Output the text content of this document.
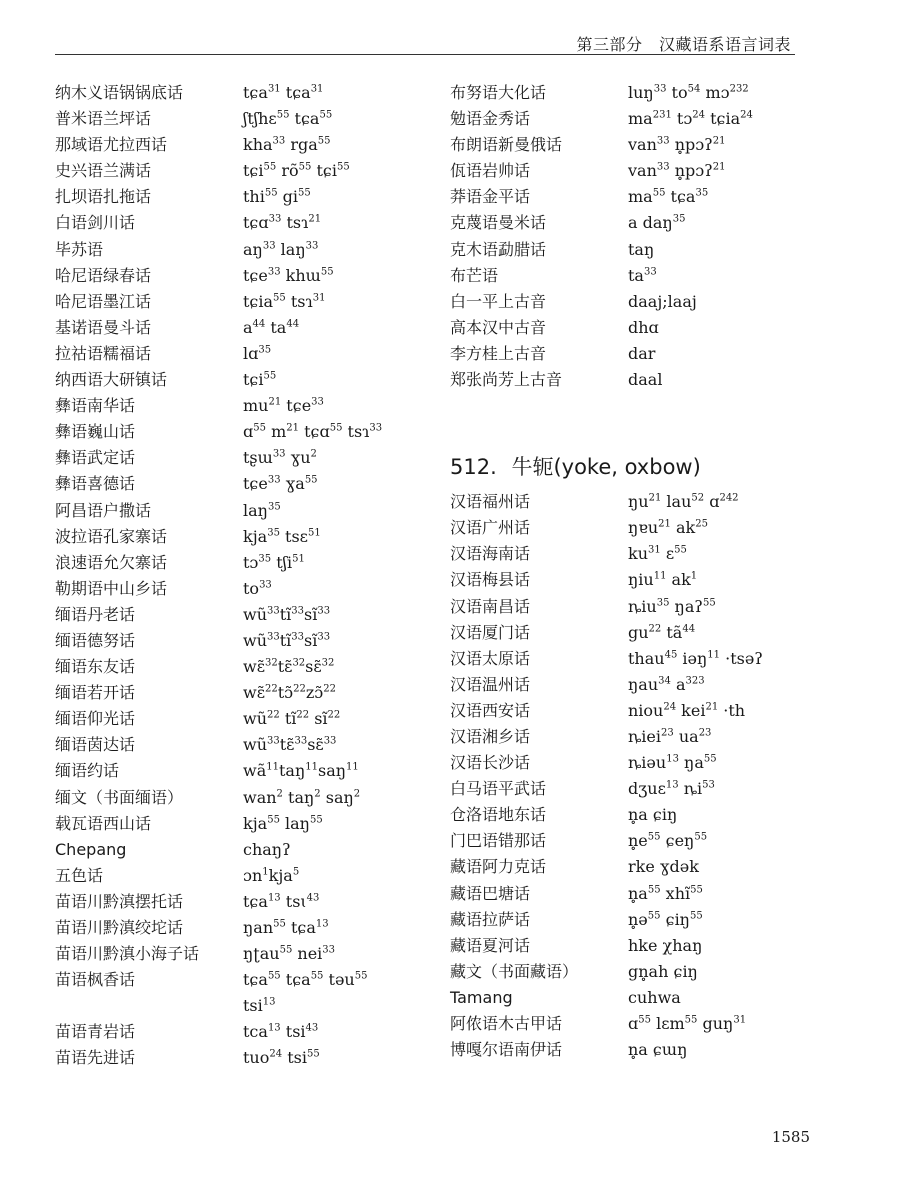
第三部分　汉藏语系语言词表
纳木义语锅锅底话	tɕa$^{31}$ tɕa$^{31}$
普米语兰坪话	ʃtʃhɛ$^{55}$ tɕa$^{55}$
那域语尤拉西话	kha$^{33}$ rga$^{55}$
史兴语兰满话	tɕi$^{55}$ $rõ^{55}$ tɕi$^{55}$
扎坝语扎拖话	thi$^{55}$ $gi^{55}$
白语剑川话	tɕɑ$^{33}$ tsɿ$^{21}$
毕苏语	$aŋ^{33}$ laŋ$^{33}$
哈尼语绿春话	tɕe$^{33}$ khɯ$^{55}$
哈尼语墨江话	tɕia$^{55}$ tsɿ$^{31}$
基诺语曼斗话	$a^{44}$ $ta^{44}$
拉祜语糯福话	lɑ$^{35}$
纳西语大研镇话	tɕi$^{55}$
彝语南华话	$mu^{21}$ tɕe$^{33}$
彝语巍山话	ɑ$^{55}$ $m^{21}$ tɕɑ$^{55}$ tsɿ$^{33}$
彝语武定话	tʂɯ$^{33}$ ɣu$^2$
彝语喜德话	tɕe$^{33}$ ɣa$^{55}$
阿昌语户撒话	laŋ$^{35}$
波拉语孔家寨话	kja$^{35}$ tsɛ$^{51}$
浪速语允欠寨话	tɔ$^{35}$ tʃi$^{51}$
勒期语中山乡话	$to^{33}$
缅语丹老话	$wũ^{33}tĩ^{33}sĩ^{33}$
缅语德努话	$wũ^{33}tĩ^{33}sĩ^{33}$
缅语东友话	wɛ̃$^{32}$tɛ̃$^{32}$sɛ̃$^{32}$
缅语若开话	wɛ̃$^{22}$tɔ̃$^{22}$zɔ̃$^{22}$
缅语仰光话	$wũ^{22}$ $tĩ^{22}$ $sĩ^{22}$
缅语茵达话	$wũ^{33}tɛ̃^{33}sɛ̃^{33}$
缅语约话	$wã^{11}taŋ^{11}saŋ^{11}$
缅文（书面缅语）	wan$^2$ taŋ$^2$ saŋ$^2$
载瓦语西山话	kja$^{55}$ laŋ$^{55}$
Chepang	chaŋʔ
五色话	ɔn$^1$kja$^5$
苗语川黔滇摆托话	tɕa$^{13}$ tsɩ$^{43}$
苗语川黔滇绞坨话	ŋan$^{55}$ tɕa$^{13}$
苗语川黔滇小海子话	ŋʈau$^{55}$ nei$^{33}$
苗语枫香话	tɕa$^{55}$ tɕa$^{55}$ təu$^{55}$
tsi$^{13}$
苗语青岩话	tca$^{13}$ tsi$^{43}$
苗语先进话	tuo$^{24}$ tsi$^{55}$
布努语大化话	luŋ$^{33}$ $to^{54}$ mɔ$^{232}$
勉语金秀话	$ma^{231}$ tɔ$^{24}$ tɕia$^{24}$
布朗语新曼俄话	van$^{33}$ n̥pɔʔ$^{21}$
佤语岩帅话	van$^{33}$ n̥pɔʔ$^{21}$
莽语金平话	$ma^{55}$ tɕa$^{35}$
克蔑语曼米话	a daŋ$^{35}$
克木语勐腊话	taŋ
布芒语	$ta^{33}$
白一平上古音	daaj;laaj
高本汉中古音	dhɑ
李方桂上古音	dar
郑张尚芳上古音	daal
512. 牛轭(yoke, oxbow)
汉语福州话	$ŋu^{21}$ lau$^{52}$ ɑ$^{242}$
汉语广州话	ŋɐu$^{21}$ $ak^{25}$
汉语海南话	$ku^{31}$ ɛ$^{55}$
汉语梅县话	ŋiu$^{11}$ $ak^1$
汉语南昌话	ȵiu$^{35}$ ŋaʔ$^{55}$
汉语厦门话	$gu^{22}$ $tã^{44}$
汉语太原话	thau$^{45}$ iəŋ$^{11}$ ·tsəʔ
汉语温州话	ŋau$^{34}$ $a^{323}$
汉语西安话	niou$^{24}$ kei$^{21}$ ·th
汉语湘乡话	ȵiei$^{23}$ $ua^{23}$
汉语长沙话	ȵiəu$^{13}$ $ŋa^{55}$
白马语平武话	dʒuɛ$^{13}$ $ȵi^{53}$
仓洛语地东话	n̥a ɕiŋ
门巴语错那话	$n̥e^{55}$ ɕeŋ$^{55}$
藏语阿力克话	rke ɣdək
藏语巴塘话	$n̥a^{55}$ xhĩ$^{55}$
藏语拉萨话	n̥ə$^{55}$ ɕiŋ$^{55}$
藏语夏河话	hke χhaŋ
藏文（书面藏语）	gn̥ah ɕiŋ
Tamang	cuhwa
阿侬语木古甲话	ɑ$^{55}$ lɛm$^{55}$ guŋ$^{31}$
博嘎尔语南伊话	n̥a ɕɯŋ
1585
